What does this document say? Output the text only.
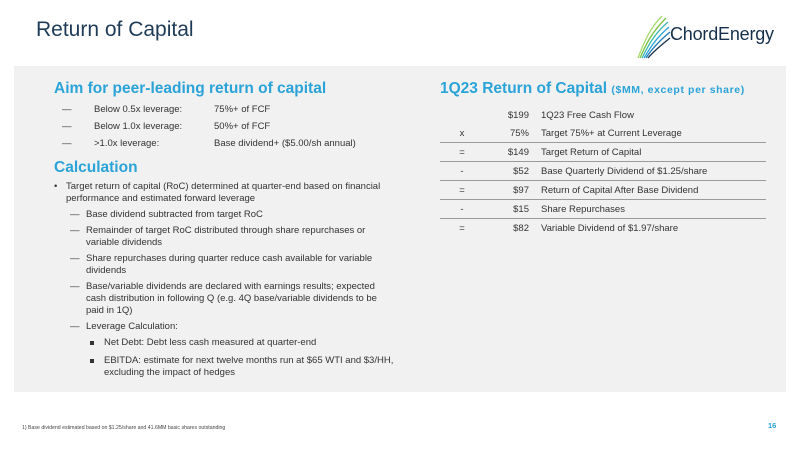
Return of Capital	ChordEnergy
Aim for peer-leading return of capital
— Below 0.5x leverage:	75%+ of FCF
— Below 1.0x leverage:	50%+ of FCF
— >1.0x leverage:	Base dividend+ ($5.00/sh annual)
Calculation
• Target return of capital (RoC) determined at quarter-end based on financial performance and estimated forward leverage
— Base dividend subtracted from target RoC
— Remainder of target RoC distributed through share repurchases or variable dividends
— Share repurchases during quarter reduce cash available for variable dividends
— Base/variable dividends are declared with earnings results; expected cash distribution in following Q (e.g. 4Q base/variable dividends to be paid in 1Q)
— Leverage Calculation:
Net Debt: Debt less cash measured at quarter-end
EBITDA: estimate for next twelve months run at $65 WTI and $3/HH, excluding the impact of hedges
1Q23 Return of Capital ($MM, except per share)
	$199	1Q23 Free Cash Flow
x	75%	Target 75%+ at Current Leverage
=	$149	Target Return of Capital
-	$52	Base Quarterly Dividend of $1.25/share
=	$97	Return of Capital After Base Dividend
-	$15	Share Repurchases
=	$82	Variable Dividend of $1.97/share
1) Base dividend estimated based on $1.25/share and 41.6MM basic shares outstanding	16
